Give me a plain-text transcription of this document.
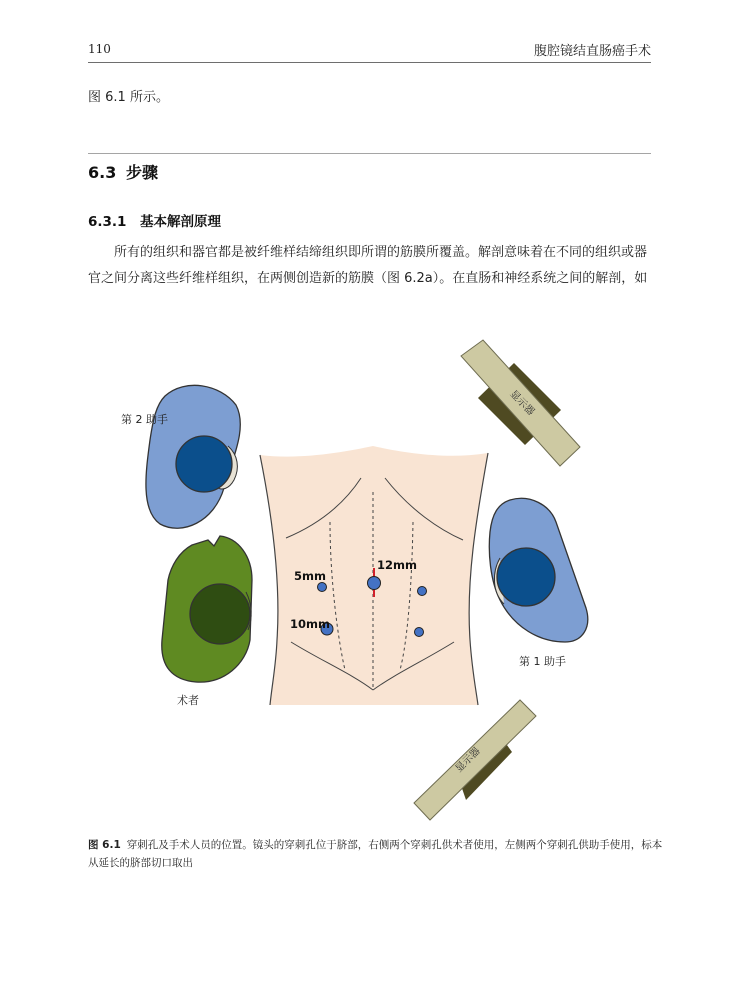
110	腹腔镜结直肠癌手术
图 6.1 所示。
6.3 步骤
6.3.1 基本解剖原理
所有的组织和器官都是被纤维样结缔组织即所谓的筋膜所覆盖。解剖意味着在不同的组织或器
官之间分离这些纤维样组织，在两侧创造新的筋膜（图 6.2a）。在直肠和神经系统之间的解剖，如
显示器
显示器
第 2 助手
术者
第 1 助手
12mm
5mm
10mm
图 6.1 穿刺孔及手术人员的位置。镜头的穿刺孔位于脐部，右侧两个穿刺孔供术者使用，左侧两个穿刺孔供助手使用，标本从延长的脐部切口取出
